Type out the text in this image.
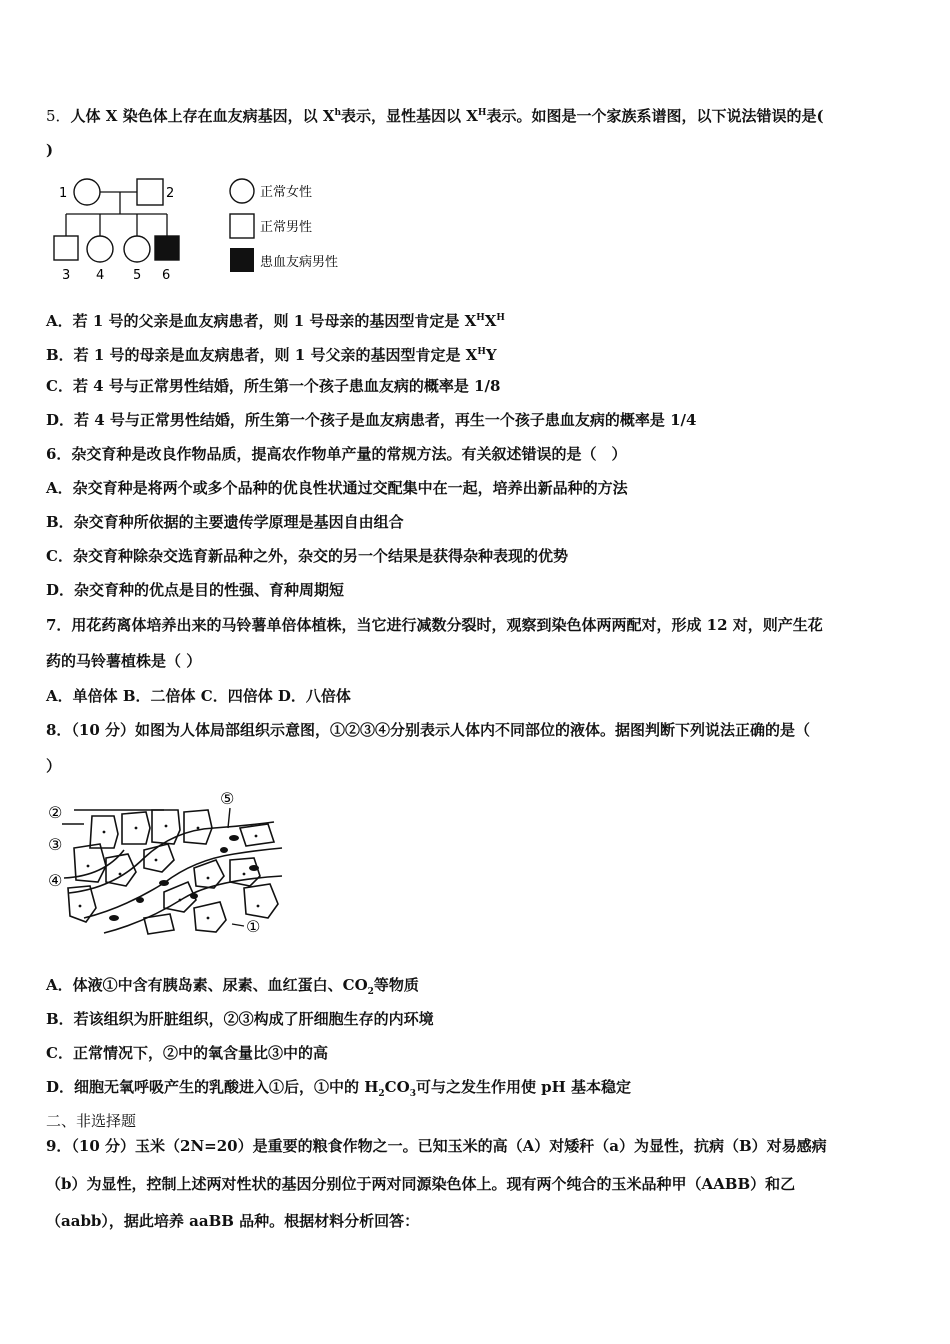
5．人体 X 染色体上存在血友病基因，以 $X^h$表示，显性基因以 $X^H$表示。如图是一个家族系谱图，以下说法错误的是(
)
1	2
3 4 5 6
正常女性
正常男性
患血友病男性
A．若 1 号的父亲是血友病患者，则 1 号母亲的基因型肯定是 $X^HX^H$
B．若 1 号的母亲是血友病患者，则 1 号父亲的基因型肯定是 $X^HY$
C．若 4 号与正常男性结婚，所生第一个孩子患血友病的概率是 1/8
D．若 4 号与正常男性结婚，所生第一个孩子是血友病患者，再生一个孩子患血友病的概率是 1/4
6．杂交育种是改良作物品质，提高农作物单产量的常规方法。有关叙述错误的是（　）
A．杂交育种是将两个或多个品种的优良性状通过交配集中在一起，培养出新品种的方法
B．杂交育种所依据的主要遗传学原理是基因自由组合
C．杂交育种除杂交选育新品种之外，杂交的另一个结果是获得杂种表现的优势
D．杂交育种的优点是目的性强、育种周期短
7．用花药离体培养出来的马铃薯单倍体植株，当它进行减数分裂时，观察到染色体两两配对，形成 12 对，则产生花
药的马铃薯植株是（ ）
A．单倍体 B．二倍体 C．四倍体 D．八倍体
8．（10 分）如图为人体局部组织示意图，①②③④分别表示人体内不同部位的液体。据图判断下列说法正确的是（
）
②
③
④
⑤
①
A．体液①中含有胰岛素、尿素、血红蛋白、$CO_2$等物质
B．若该组织为肝脏组织，②③构成了肝细胞生存的内环境
C．正常情况下，②中的氧含量比③中的高
D．细胞无氧呼吸产生的乳酸进入①后，①中的 $H_2CO_3$可与之发生作用使 pH 基本稳定
二、非选择题
9．（10 分）玉米（2N=20）是重要的粮食作物之一。已知玉米的高（A）对矮秆（a）为显性，抗病（B）对易感病
（b）为显性，控制上述两对性状的基因分别位于两对同源染色体上。现有两个纯合的玉米品种甲（AABB）和乙
（aabb），据此培养 aaBB 品种。根据材料分析回答：
